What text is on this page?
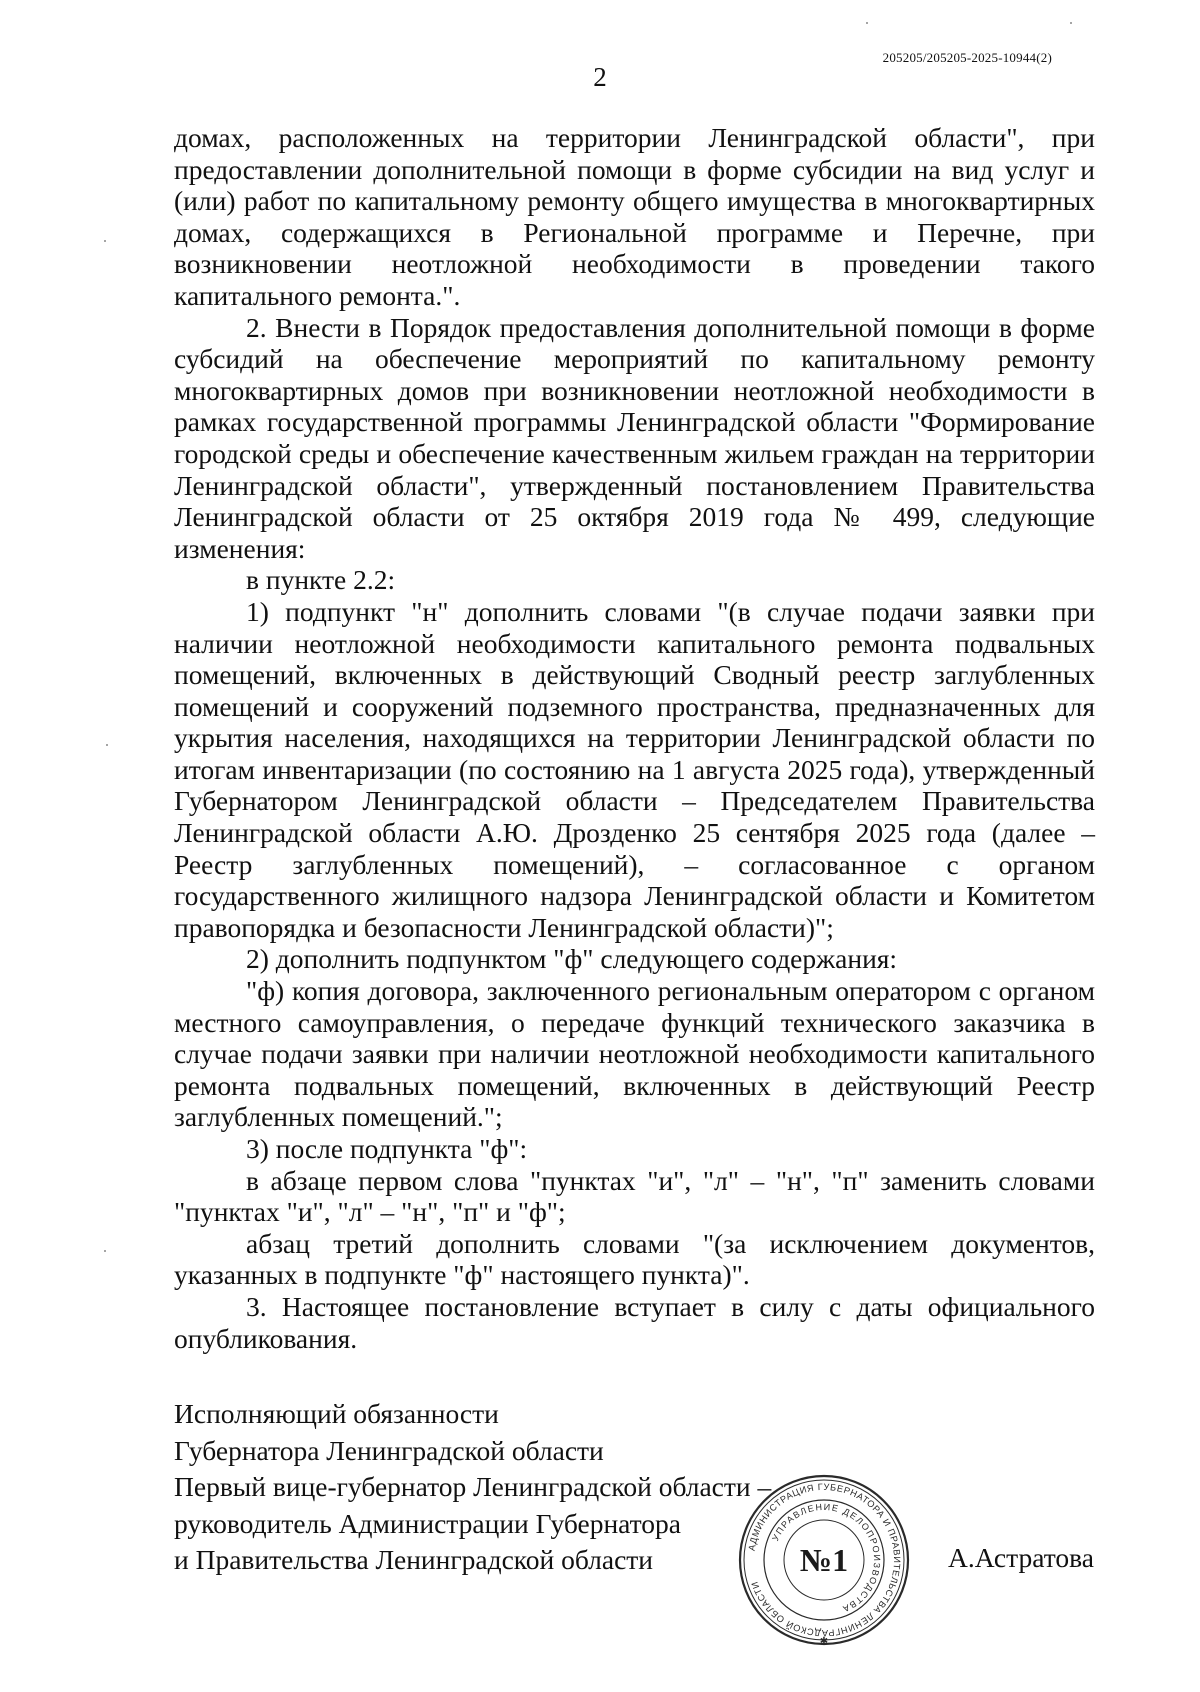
205205/205205-2025-10944(2)
2

домах, расположенных на территории Ленинградской области", при предоставлении дополнительной помощи в форме субсидии на вид услуг и (или) работ по капитальному ремонту общего имущества в многоквартирных домах, содержащихся в Региональной программе и Перечне, при возникновении неотложной необходимости в проведении такого капитального ремонта.".

2. Внести в Порядок предоставления дополнительной помощи в форме субсидий на обеспечение мероприятий по капитальному ремонту многоквартирных домов при возникновении неотложной необходимости в рамках государственной программы Ленинградской области "Формирование городской среды и обеспечение качественным жильем граждан на территории Ленинградской области", утвержденный постановлением Правительства Ленинградской области от 25 октября 2019 года № 499, следующие изменения:

в пункте 2.2:

1) подпункт "н" дополнить словами "(в случае подачи заявки при наличии неотложной необходимости капитального ремонта подвальных помещений, включенных в действующий Сводный реестр заглубленных помещений и сооружений подземного пространства, предназначенных для укрытия населения, находящихся на территории Ленинградской области по итогам инвентаризации (по состоянию на 1 августа 2025 года), утвержденный Губернатором Ленинградской области – Председателем Правительства Ленинградской области А.Ю. Дрозденко 25 сентября 2025 года (далее – Реестр заглубленных помещений), – согласованное с органом государственного жилищного надзора Ленинградской области и Комитетом правопорядка и безопасности Ленинградской области)";

2) дополнить подпунктом "ф" следующего содержания:

"ф) копия договора, заключенного региональным оператором с органом местного самоуправления, о передаче функций технического заказчика в случае подачи заявки при наличии неотложной необходимости капитального ремонта подвальных помещений, включенных в действующий Реестр заглубленных помещений.";

3) после подпункта "ф":

в абзаце первом слова "пунктах "и", "л" – "н", "п" заменить словами "пунктах "и", "л" – "н", "п" и "ф";

абзац третий дополнить словами "(за исключением документов, указанных в подпункте "ф" настоящего пункта)".

3. Настоящее постановление вступает в силу с даты официального опубликования.

Исполняющий обязанности
Губернатора Ленинградской области
Первый вице-губернатор Ленинградской области –
руководитель Администрации Губернатора
и Правительства Ленинградской области	АДМИНИСТРАЦИЯ ГУБЕРНАТОРА И ПРАВИТЕЛЬСТВА ЛЕНИНГРАДСКОЙ ОБЛАСТИ
УПРАВЛЕНИЕ ДЕЛОПРОИЗВОДСТВА
№1
✱
А.Астратова
